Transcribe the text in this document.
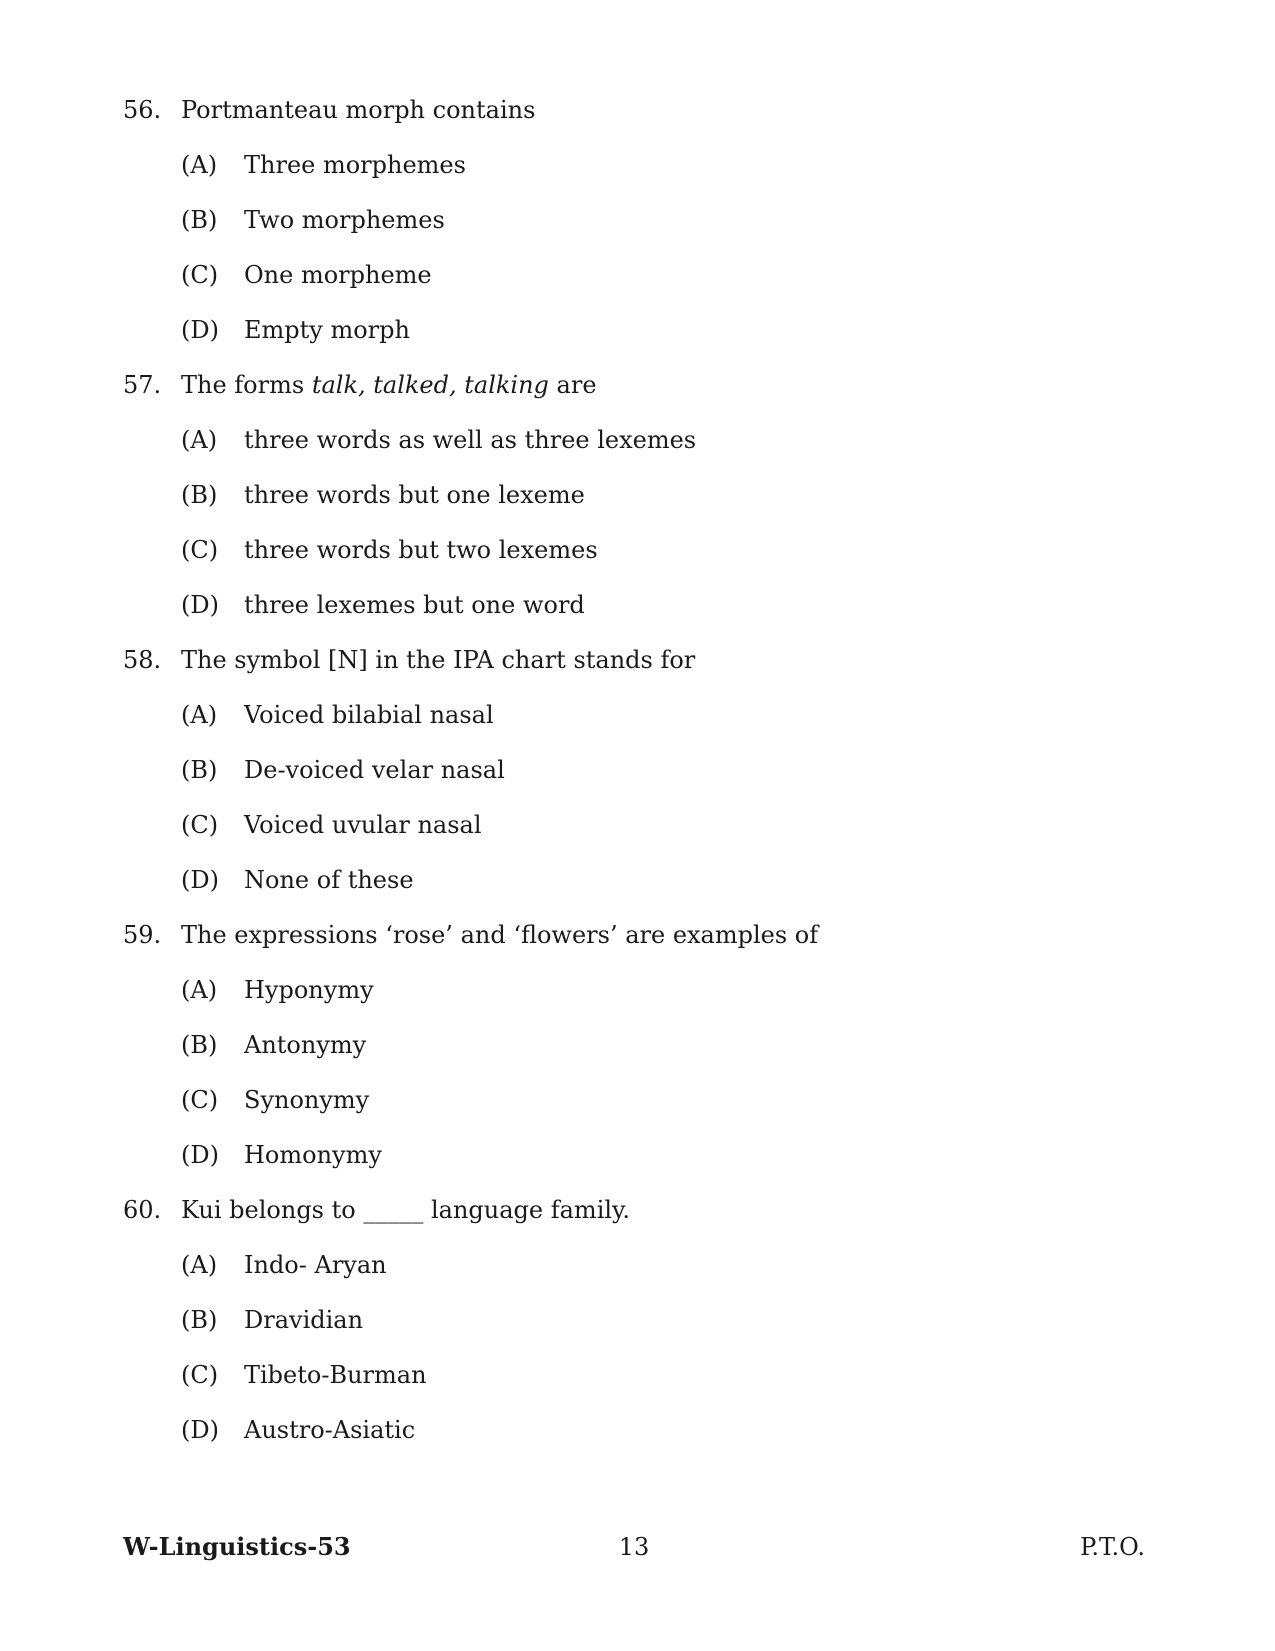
56. Portmanteau morph contains
(A)	Three morphemes
(B)	Two morphemes
(C)	One morpheme
(D)	Empty morph
57. The forms talk, talked, talking are
(A)	three words as well as three lexemes
(B)	three words but one lexeme
(C)	three words but two lexemes
(D)	three lexemes but one word
58. The symbol [N] in the IPA chart stands for
(A)	Voiced bilabial nasal
(B)	De-voiced velar nasal
(C)	Voiced uvular nasal
(D)	None of these
59. The expressions ‘rose’ and ‘flowers’ are examples of
(A)	Hyponymy
(B)	Antonymy
(C)	Synonymy
(D)	Homonymy
60. Kui belongs to _____ language family.
(A)	Indo- Aryan
(B)	Dravidian
(C)	Tibeto-Burman
(D)	Austro-Asiatic
W-Linguistics-53	13	P.T.O.
